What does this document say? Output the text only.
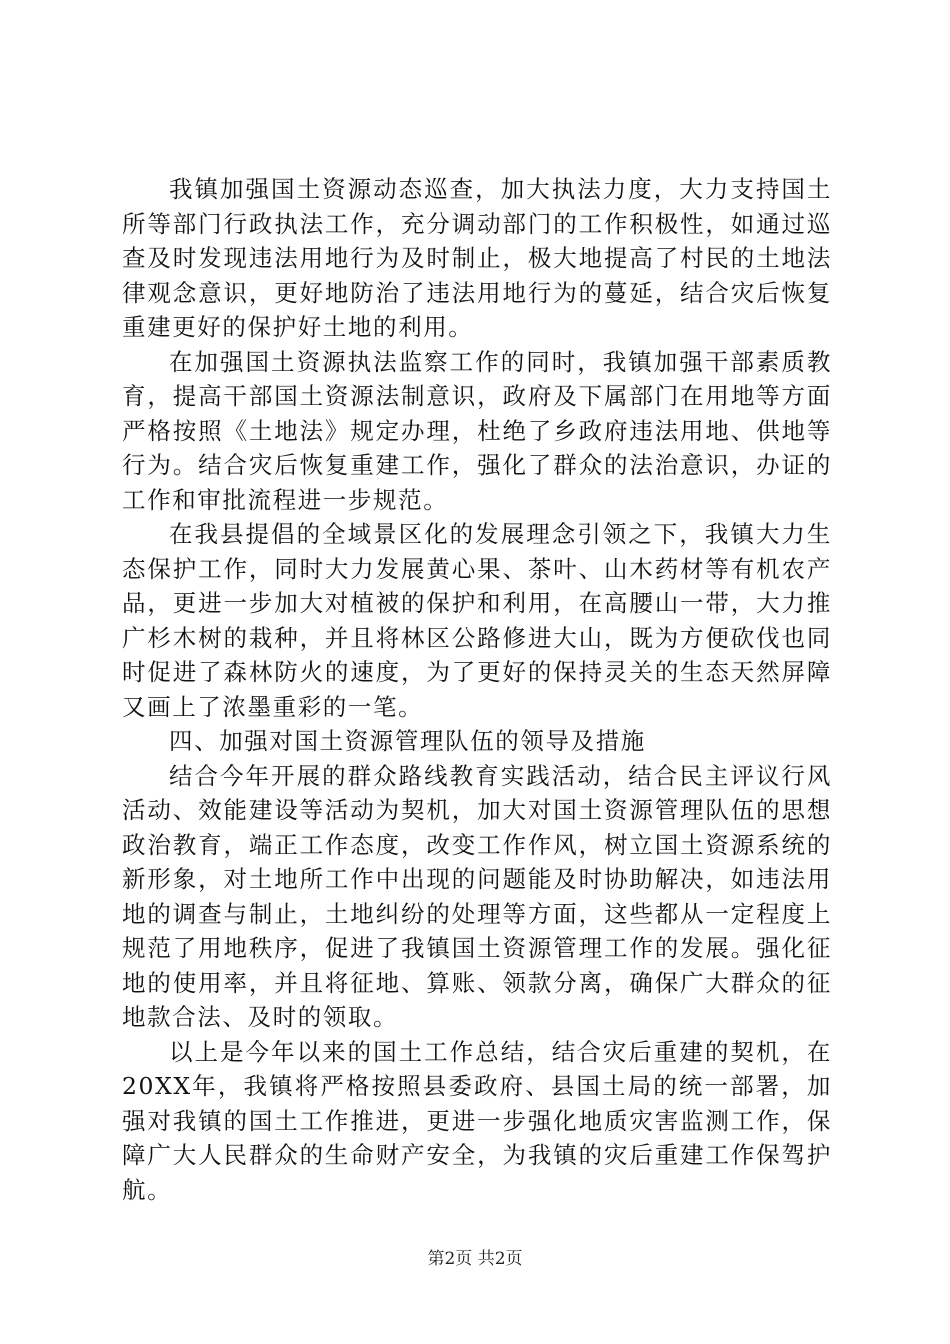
我镇加强国土资源动态巡查，加大执法力度，大力支持国土所等部门行政执法工作，充分调动部门的工作积极性，如通过巡查及时发现违法用地行为及时制止，极大地提高了村民的土地法律观念意识，更好地防治了违法用地行为的蔓延，结合灾后恢复重建更好的保护好土地的利用。

在加强国土资源执法监察工作的同时，我镇加强干部素质教育，提高干部国土资源法制意识，政府及下属部门在用地等方面严格按照《土地法》规定办理，杜绝了乡政府违法用地、供地等行为。结合灾后恢复重建工作，强化了群众的法治意识，办证的工作和审批流程进一步规范。

在我县提倡的全域景区化的发展理念引领之下，我镇大力生态保护工作，同时大力发展黄心果、茶叶、山木药材等有机农产品，更进一步加大对植被的保护和利用，在高腰山一带，大力推广杉木树的栽种，并且将林区公路修进大山，既为方便砍伐也同时促进了森林防火的速度，为了更好的保持灵关的生态天然屏障又画上了浓墨重彩的一笔。

四、加强对国土资源管理队伍的领导及措施

结合今年开展的群众路线教育实践活动，结合民主评议行风活动、效能建设等活动为契机，加大对国土资源管理队伍的思想政治教育，端正工作态度，改变工作作风，树立国土资源系统的新形象，对土地所工作中出现的问题能及时协助解决，如违法用地的调查与制止，土地纠纷的处理等方面，这些都从一定程度上规范了用地秩序，促进了我镇国土资源管理工作的发展。强化征地的使用率，并且将征地、算账、领款分离，确保广大群众的征地款合法、及时的领取。

以上是今年以来的国土工作总结，结合灾后重建的契机，在20XX年，我镇将严格按照县委政府、县国土局的统一部署，加强对我镇的国土工作推进，更进一步强化地质灾害监测工作，保障广大人民群众的生命财产安全，为我镇的灾后重建工作保驾护航。

第2页 共2页
